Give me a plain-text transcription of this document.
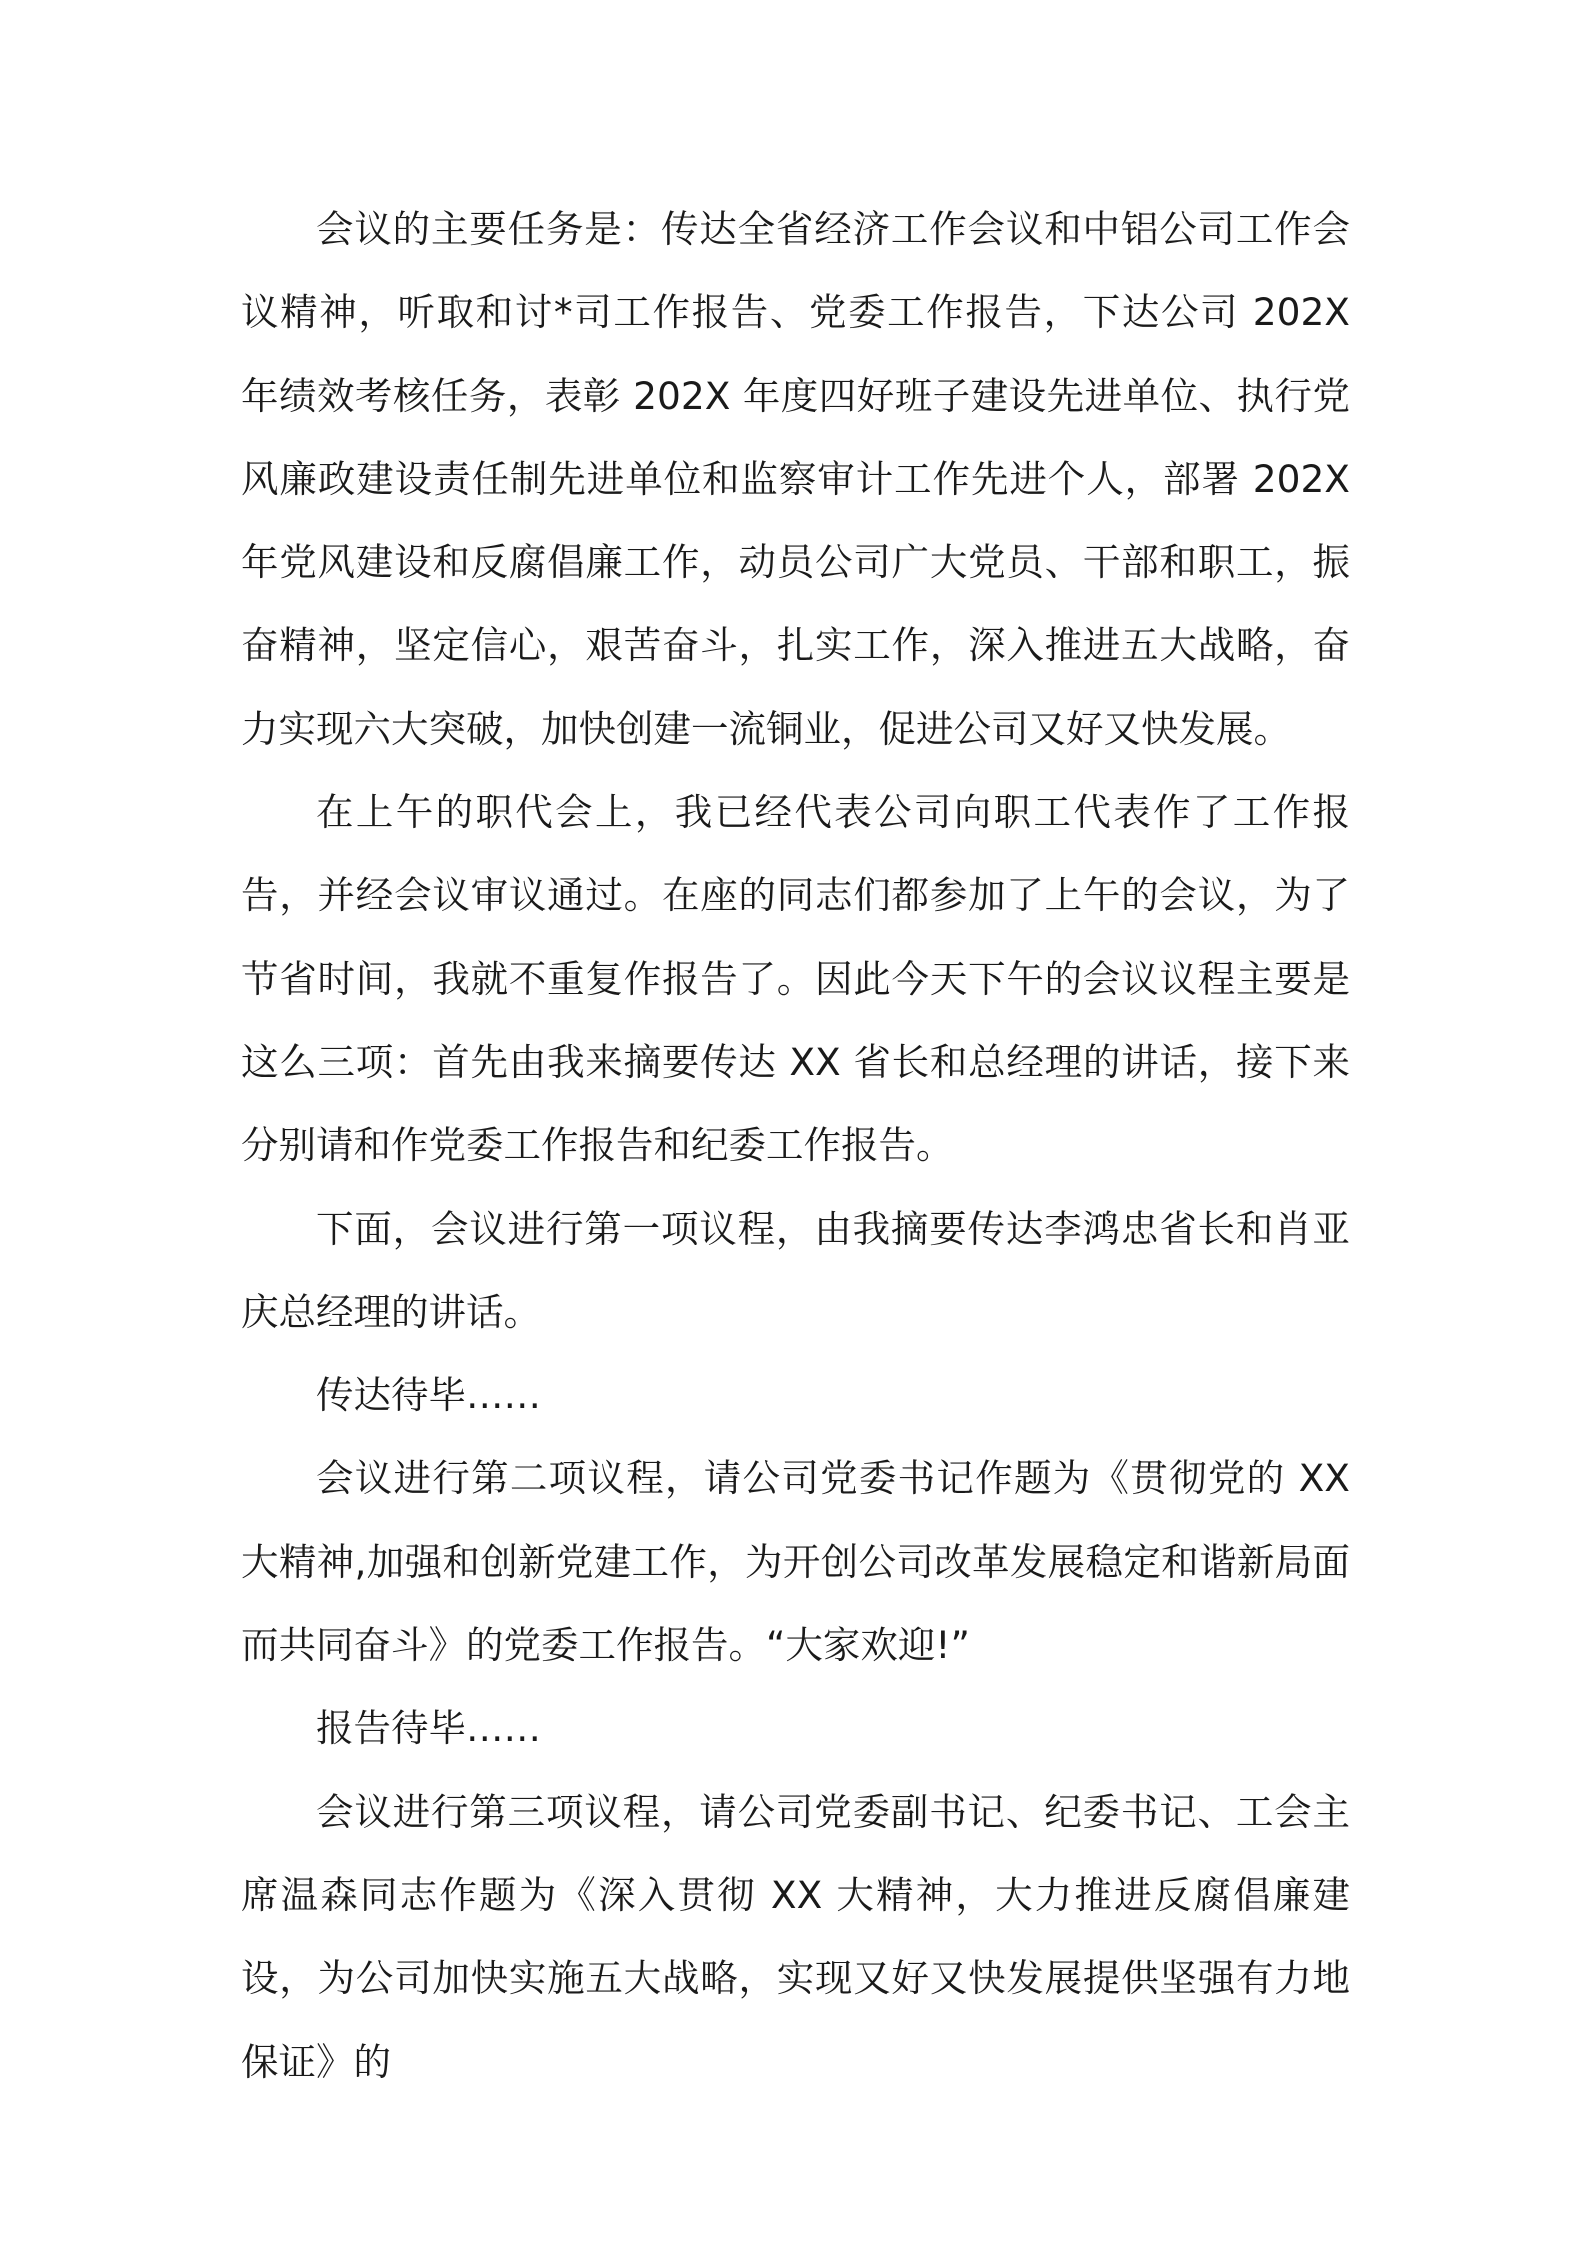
会议的主要任务是：传达全省经济工作会议和中铝公司工作会议精神，听取和讨*司工作报告、党委工作报告，下达公司 202X 年绩效考核任务，表彰 202X 年度四好班子建设先进单位、执行党风廉政建设责任制先进单位和监察审计工作先进个人，部署 202X 年党风建设和反腐倡廉工作，动员公司广大党员、干部和职工，振奋精神，坚定信心，艰苦奋斗，扎实工作，深入推进五大战略，奋力实现六大突破，加快创建一流铜业，促进公司又好又快发展。

在上午的职代会上，我已经代表公司向职工代表作了工作报告，并经会议审议通过。在座的同志们都参加了上午的会议，为了节省时间，我就不重复作报告了。因此今天下午的会议议程主要是这么三项：首先由我来摘要传达 XX 省长和总经理的讲话，接下来分别请和作党委工作报告和纪委工作报告。

下面，会议进行第一项议程，由我摘要传达李鸿忠省长和肖亚庆总经理的讲话。

传达待毕……

会议进行第二项议程，请公司党委书记作题为《贯彻党的 XX 大精神,加强和创新党建工作，为开创公司改革发展稳定和谐新局面而共同奋斗》的党委工作报告。“大家欢迎!”

报告待毕……

会议进行第三项议程，请公司党委副书记、纪委书记、工会主席温森同志作题为《深入贯彻 XX 大精神，大力推进反腐倡廉建设，为公司加快实施五大战略，实现又好又快发展提供坚强有力地保证》的
